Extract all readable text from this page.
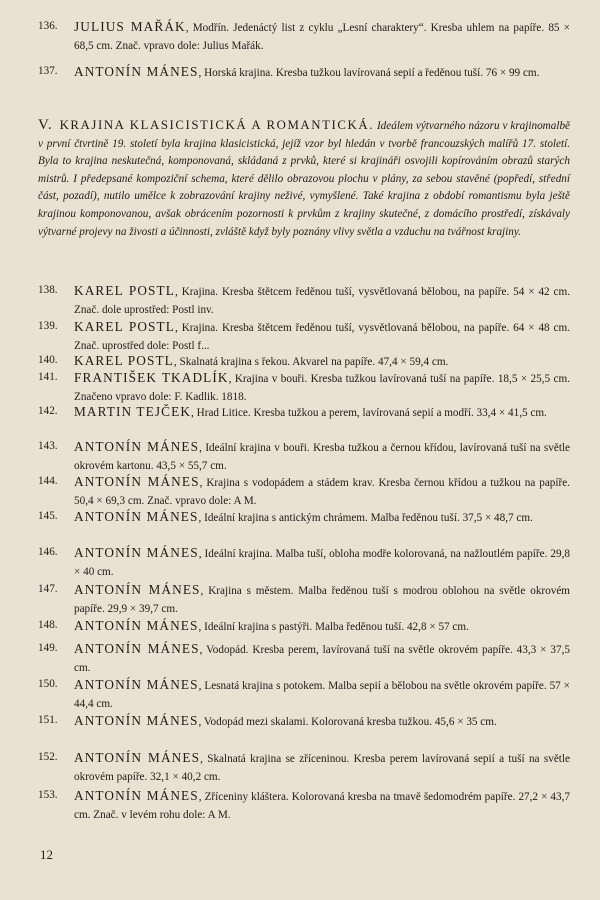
136.	JULIUS MAŘÁK, Modřín. Jedenáctý list z cyklu „Lesní charaktery“. Kresba uhlem na papíře. 85 × 68,5 cm. Znač. vpravo dole: Julius Mařák.
137.	ANTONÍN MÁNES, Horská krajina. Kresba tužkou lavírovaná sepií a ředěnou tuší. 76 × 99 cm.
V. KRAJINA KLASICISTICKÁ A ROMANTICKÁ. Ideálem výtvarného názoru v krajinomalbě v první čtvrtině 19. století byla krajina klasicistická, jejíž vzor byl hledán v tvorbě francouzských malířů 17. století. Byla to krajina neskutečná, komponovaná, skládaná z prvků, které si krajináři osvojili kopírováním obrazů starých mistrů. I předepsané kompoziční schema, které dělilo obrazovou plochu v plány, za sebou stavěné (popředí, střední část, pozadí), nutilo umělce k zobrazování krajiny neživé, vymyšlené. Také krajina z období romantismu byla ještě krajinou komponovanou, avšak obrácením pozornosti k prvkům z krajiny skutečné, z domácího prostředí, získávaly výtvarné projevy na živosti a účinnosti, zvláště když byly poznány vlivy světla a vzduchu na tvářnost krajiny.
138.	KAREL POSTL, Krajina. Kresba štětcem ředěnou tuší, vysvětlovaná bělobou, na papíře. 54 × 42 cm. Znač. dole uprostřed: Postl inv.
139.	KAREL POSTL, Krajina. Kresba štětcem ředěnou tuší, vysvětlovaná bělobou, na papíře. 64 × 48 cm. Znač. uprostřed dole: Postl f...
140.	KAREL POSTL, Skalnatá krajina s řekou. Akvarel na papíře. 47,4 × 59,4 cm.
141.	FRANTIŠEK TKADLÍK, Krajina v bouři. Kresba tužkou lavírovaná tuší na papíře. 18,5 × 25,5 cm. Značeno vpravo dole: F. Kadlik. 1818.
142.	MARTIN TEJČEK, Hrad Litice. Kresba tužkou a perem, lavírovaná sepií a modří. 33,4 × 41,5 cm.
143.	ANTONÍN MÁNES, Ideální krajina v bouři. Kresba tužkou a černou křídou, lavírovaná tuší na světle okrovém kartonu. 43,5 × 55,7 cm.
144.	ANTONÍN MÁNES, Krajina s vodopádem a stádem krav. Kresba černou křídou a tužkou na papíře. 50,4 × 69,3 cm. Znač. vpravo dole: A M.
145.	ANTONÍN MÁNES, Ideální krajina s antickým chrámem. Malba ředěnou tuší. 37,5 × 48,7 cm.
146.	ANTONÍN MÁNES, Ideální krajina. Malba tuší, obloha modře kolorovaná, na nažloutlém papíře. 29,8 × 40 cm.
147.	ANTONÍN MÁNES, Krajina s městem. Malba ředěnou tuší s modrou oblohou na světle okrovém papíře. 29,9 × 39,7 cm.
148.	ANTONÍN MÁNES, Ideální krajina s pastýři. Malba ředěnou tuší. 42,8 × 57 cm.
149.	ANTONÍN MÁNES, Vodopád. Kresba perem, lavírovaná tuší na světle okrovém papíře. 43,3 × 37,5 cm.
150.	ANTONÍN MÁNES, Lesnatá krajina s potokem. Malba sepií a bělobou na světle okrovém papíře. 57 × 44,4 cm.
151.	ANTONÍN MÁNES, Vodopád mezi skalami. Kolorovaná kresba tužkou. 45,6 × 35 cm.
152.	ANTONÍN MÁNES, Skalnatá krajina se zříceninou. Kresba perem lavírovaná sepií a tuší na světle okrovém papíře. 32,1 × 40,2 cm.
153.	ANTONÍN MÁNES, Zříceniny kláštera. Kolorovaná kresba na tmavě šedomodrém papíře. 27,2 × 43,7 cm. Znač. v levém rohu dole: A M.
12
